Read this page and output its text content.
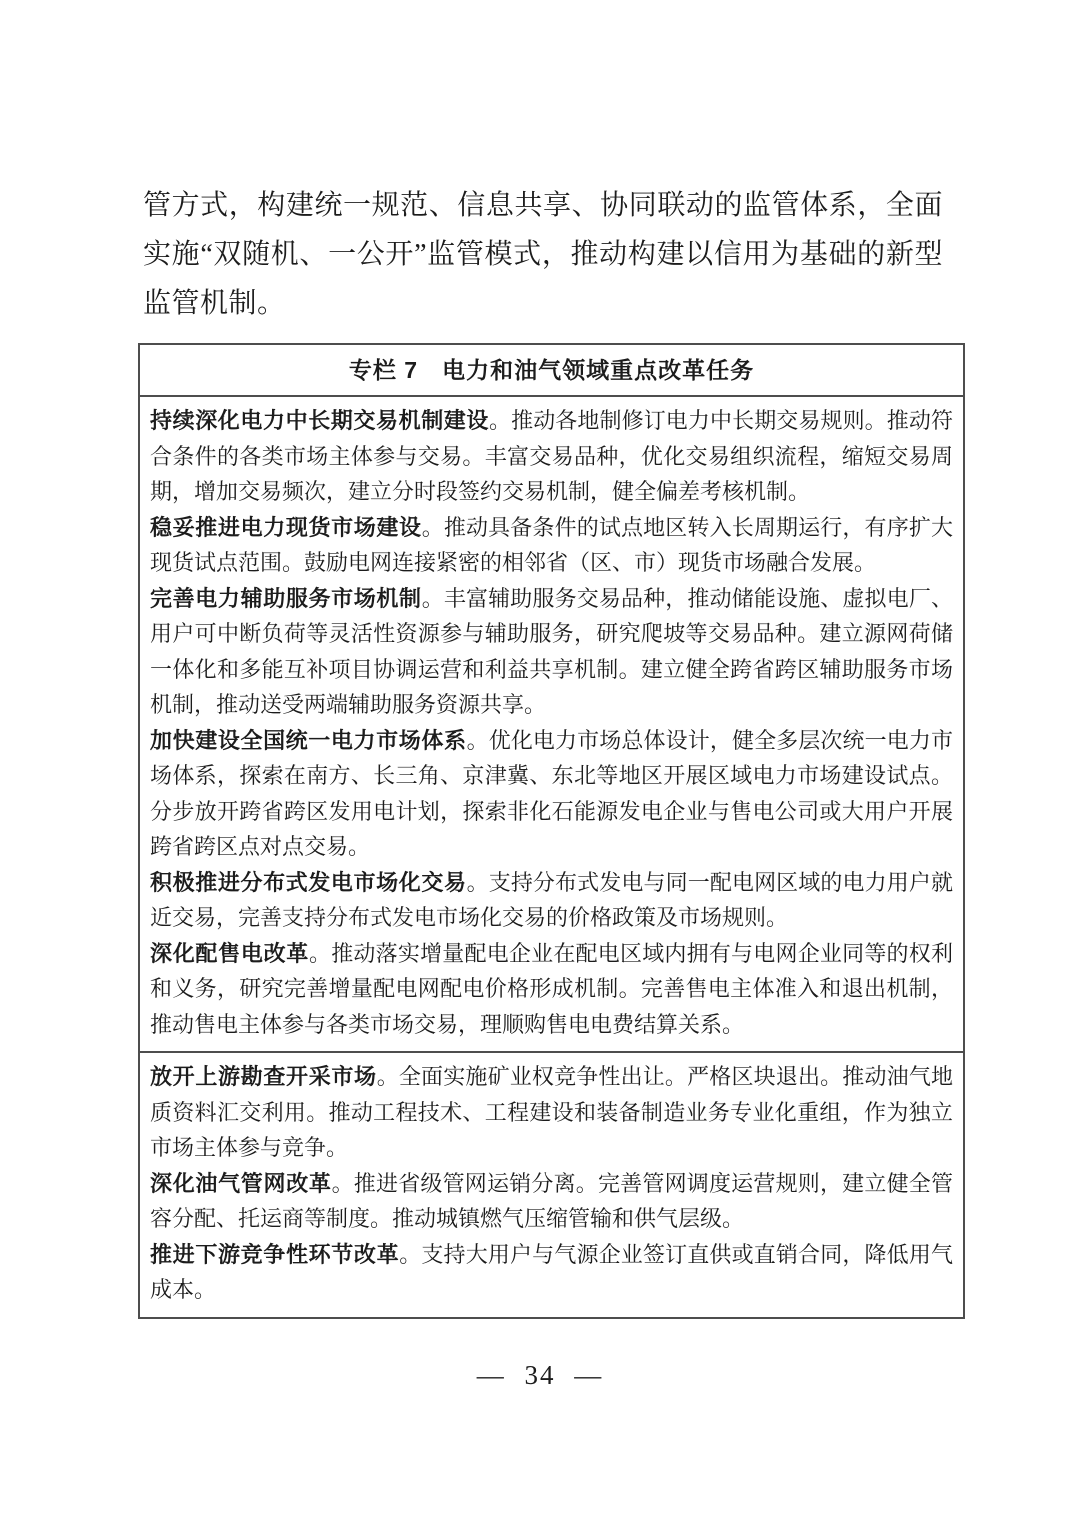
管方式，构建统一规范、信息共享、协同联动的监管体系，全面实施“双随机、一公开”监管模式，推动构建以信用为基础的新型监管机制。

专栏 7　电力和油气领域重点改革任务

持续深化电力中长期交易机制建设。推动各地制修订电力中长期交易规则。推动符合条件的各类市场主体参与交易。丰富交易品种，优化交易组织流程，缩短交易周期，增加交易频次，建立分时段签约交易机制，健全偏差考核机制。

稳妥推进电力现货市场建设。推动具备条件的试点地区转入长周期运行，有序扩大现货试点范围。鼓励电网连接紧密的相邻省（区、市）现货市场融合发展。

完善电力辅助服务市场机制。丰富辅助服务交易品种，推动储能设施、虚拟电厂、用户可中断负荷等灵活性资源参与辅助服务，研究爬坡等交易品种。建立源网荷储一体化和多能互补项目协调运营和利益共享机制。建立健全跨省跨区辅助服务市场机制，推动送受两端辅助服务资源共享。

加快建设全国统一电力市场体系。优化电力市场总体设计，健全多层次统一电力市场体系，探索在南方、长三角、京津冀、东北等地区开展区域电力市场建设试点。分步放开跨省跨区发用电计划，探索非化石能源发电企业与售电公司或大用户开展跨省跨区点对点交易。

积极推进分布式发电市场化交易。支持分布式发电与同一配电网区域的电力用户就近交易，完善支持分布式发电市场化交易的价格政策及市场规则。

深化配售电改革。推动落实增量配电企业在配电区域内拥有与电网企业同等的权利和义务，研究完善增量配电网配电价格形成机制。完善售电主体准入和退出机制，推动售电主体参与各类市场交易，理顺购售电电费结算关系。

放开上游勘查开采市场。全面实施矿业权竞争性出让。严格区块退出。推动油气地质资料汇交利用。推动工程技术、工程建设和装备制造业务专业化重组，作为独立市场主体参与竞争。

深化油气管网改革。推进省级管网运销分离。完善管网调度运营规则，建立健全管容分配、托运商等制度。推动城镇燃气压缩管输和供气层级。

推进下游竞争性环节改革。支持大用户与气源企业签订直供或直销合同，降低用气成本。

— 34 —
